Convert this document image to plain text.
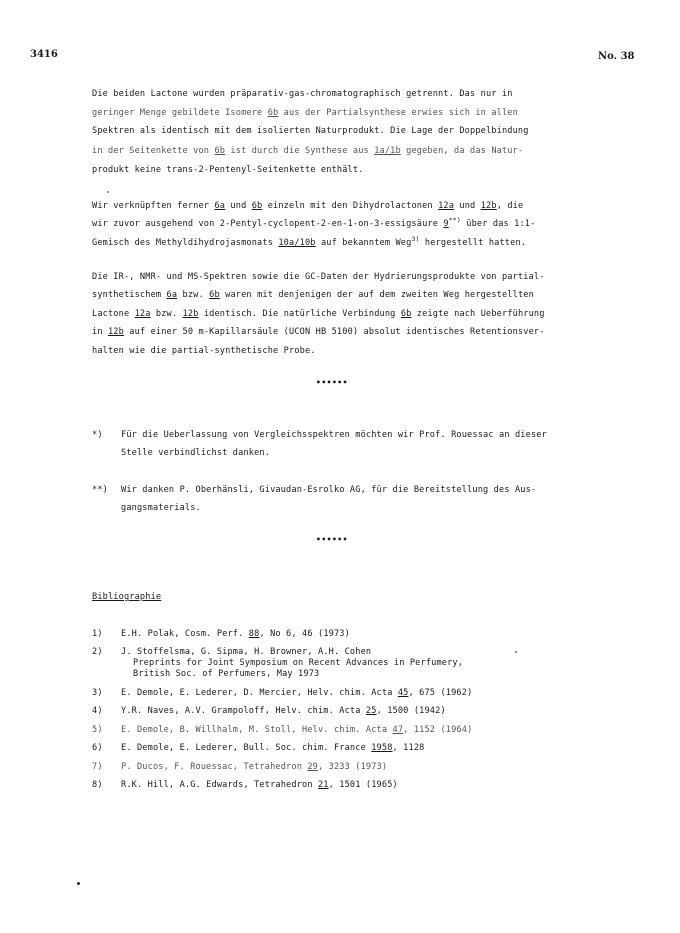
3416	No. 38
Die beiden Lactone wurden präparativ-gas-chromatographisch getrennt. Das nur in
geringer Menge gebildete Isomere 6b aus der Partialsynthese erwies sich in allen
Spektren als identisch mit dem isolierten Naturprodukt. Die Lage der Doppelbindung
in der Seitenkette von 6b ist durch die Synthese aus 1a/1b gegeben, da das Natur-
produkt keine trans-2-Pentenyl-Seitenkette enthält.
Wir verknüpften ferner 6a und 6b einzeln mit den Dihydrolactonen 12a und 12b, die
wir zuvor ausgehend von 2-Pentyl-cyclopent-2-en-1-on-3-essigsäure 9**) über das 1:1-
Gemisch des Methyldihydrojasmonats 10a/10b auf bekanntem Weg$^{3)}$ hergestellt hatten.
Die IR-, NMR- und MS-Spektren sowie die GC-Daten der Hydrierungsprodukte von partial-
synthetischem 6a bzw. 6b waren mit denjenigen der auf dem zweiten Weg hergestellten
Lactone 12a bzw. 12b identisch. Die natürliche Verbindung 6b zeigte nach Ueberführung
in 12b auf einer 50 m-Kapillarsäule (UCON HB 5100) absolut identisches Retentionsver-
halten wie die partial-synthetische Probe.
••••••
*) Für die Ueberlassung von Vergleichsspektren möchten wir Prof. Rouessac an dieser
Stelle verbindlichst danken.
**) Wir danken P. Oberhänsli, Givaudan-Esrolko AG, für die Bereitstellung des Aus-
gangsmaterials.
••••••
Bibliographie
1) E.H. Polak, Cosm. Perf. 88, No 6, 46 (1973)
2) J. Stoffelsma, G. Sipma, H. Browner, A.H. Cohen
Preprints for Joint Symposium on Recent Advances in Perfumery,
British Soc. of Perfumers, May 1973
3) E. Demole, E. Lederer, D. Mercier, Helv. chim. Acta 45, 675 (1962)
4) Y.R. Naves, A.V. Grampoloff, Helv. chim. Acta 25, 1500 (1942)
5) E. Demole, B. Willhalm, M. Stoll, Helv. chim. Acta 47, 1152 (1964)
6) E. Demole, E. Lederer, Bull. Soc. chim. France 1958, 1128
7) P. Ducos, F. Rouessac, Tetrahedron 29, 3233 (1973)
8) R.K. Hill, A.G. Edwards, Tetrahedron 21, 1501 (1965)
